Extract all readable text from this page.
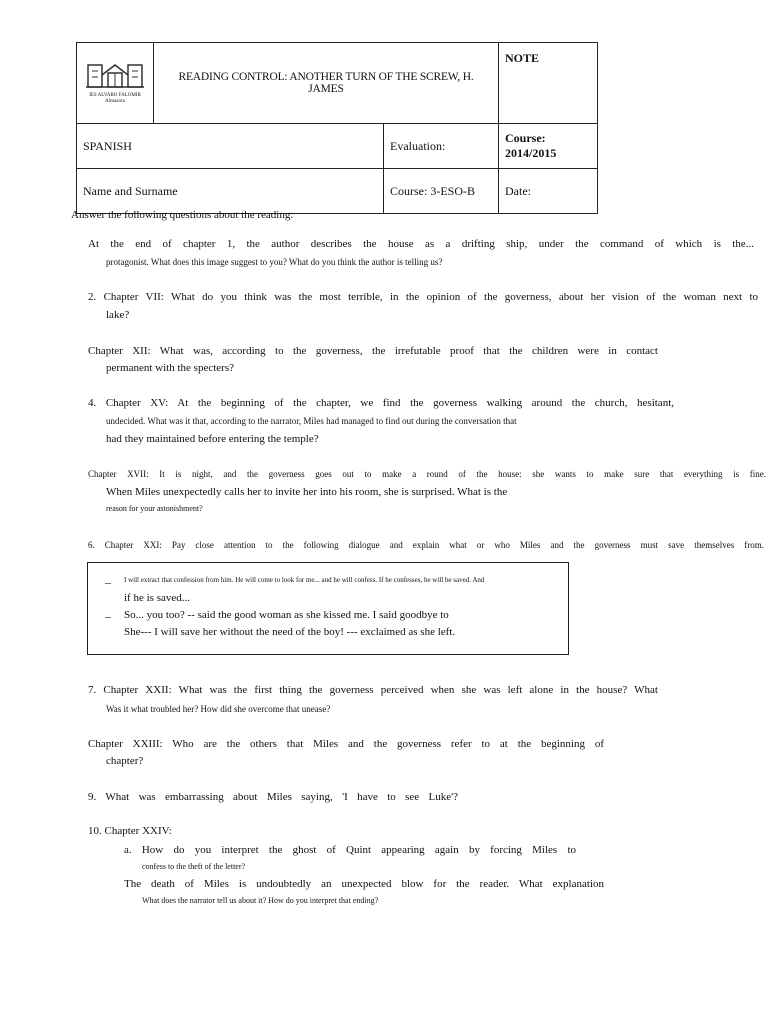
IES ALVARO FALOMIR
Almazora	READING CONTROL: ANOTHER TURN OF THE SCREW, H. JAMES		NOTE
SPANISH		Evaluation:	Course: 2014/2015
Name and Surname		Course: 3-ESO-B	Date:
Answer the following questions about the reading:
At the end of chapter 1, the author describes the house as a drifting ship, under the command of which is the...
protagonist. What does this image suggest to you? What do you think the author is telling us?
2. Chapter VII: What do you think was the most terrible, in the opinion of the governess, about her vision of the woman next to
lake?
Chapter XII: What was, according to the governess, the irrefutable proof that the children were in contact
permanent with the specters?
4. Chapter XV: At the beginning of the chapter, we find the governess walking around the church, hesitant,
undecided. What was it that, according to the narrator, Miles had managed to find out during the conversation that
had they maintained before entering the temple?
Chapter XVII: It is night, and the governess goes out to make a round of the house: she wants to make sure that everything is fine.
When Miles unexpectedly calls her to invite her into his room, she is surprised. What is the
reason for your astonishment?
6. Chapter XXI: Pay close attention to the following dialogue and explain what or who Miles and the governess must save themselves from.
7. Chapter XXII: What was the first thing the governess perceived when she was left alone in the house? What
Was it what troubled her? How did she overcome that unease?
Chapter XXIII: Who are the others that Miles and the governess refer to at the beginning of
chapter?
9. What was embarrassing about Miles saying, 'I have to see Luke'?
10. Chapter XXIV:
a. How do you interpret the ghost of Quint appearing again by forcing Miles to
confess to the theft of the letter?
The death of Miles is undoubtedly an unexpected blow for the reader. What explanation
What does the narrator tell us about it? How do you interpret that ending?
_ I will extract that confession from him. He will come to look for me... and he will confess. If he confesses, he will be saved. And
if he is saved...
– So... you too? -- said the good woman as she kissed me. I said goodbye to
She--- I will save her without the need of the boy! --- exclaimed as she left.
